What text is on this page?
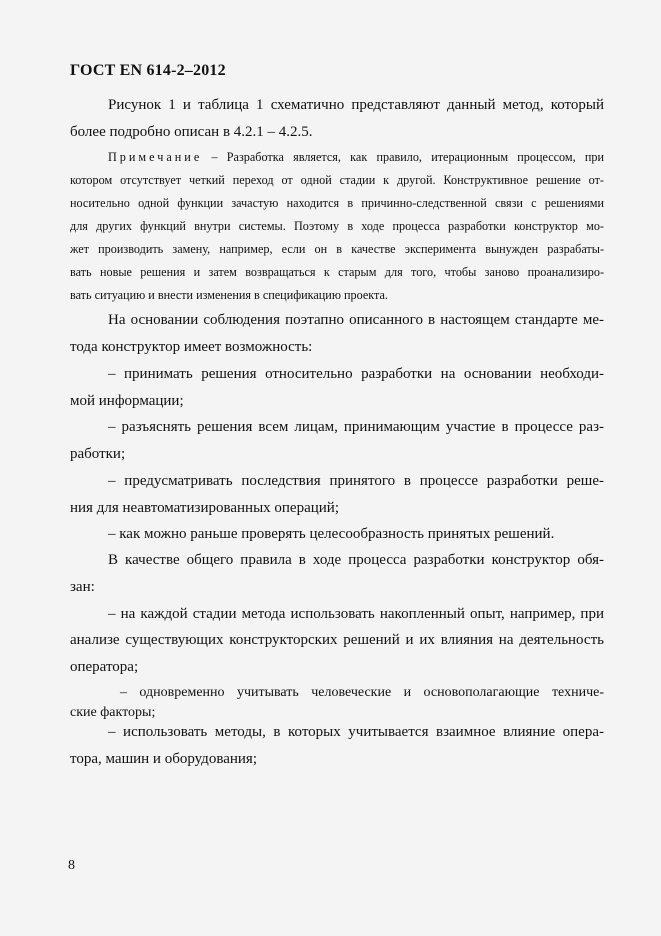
ГОСТ EN 614-2–2012
Рисунок 1 и таблица 1 схематично представляют данный метод, который
более подробно описан в 4.2.1 – 4.2.5.
Примечание – Разработка является, как правило, итерационным процессом, при
котором отсутствует четкий переход от одной стадии к другой. Конструктивное решение от-
носительно одной функции зачастую находится в причинно-следственной связи с решениями
для других функций внутри системы. Поэтому в ходе процесса разработки конструктор мо-
жет производить замену, например, если он в качестве эксперимента вынужден разрабаты-
вать новые решения и затем возвращаться к старым для того, чтобы заново проанализиро-
вать ситуацию и внести изменения в спецификацию проекта.
На основании соблюдения поэтапно описанного в настоящем стандарте ме-
тода конструктор имеет возможность:
– принимать решения относительно разработки на основании необходи-
мой информации;
– разъяснять решения всем лицам, принимающим участие в процессе раз-
работки;
– предусматривать последствия принятого в процессе разработки реше-
ния для неавтоматизированных операций;
– как можно раньше проверять целесообразность принятых решений.
В качестве общего правила в ходе процесса разработки конструктор обя-
зан:
– на каждой стадии метода использовать накопленный опыт, например, при
анализе существующих конструкторских решений и их влияния на деятельность
оператора;
– одновременно учитывать человеческие и основополагающие техниче-
ские факторы;
– использовать методы, в которых учитывается взаимное влияние опера-
тора, машин и оборудования;
8
